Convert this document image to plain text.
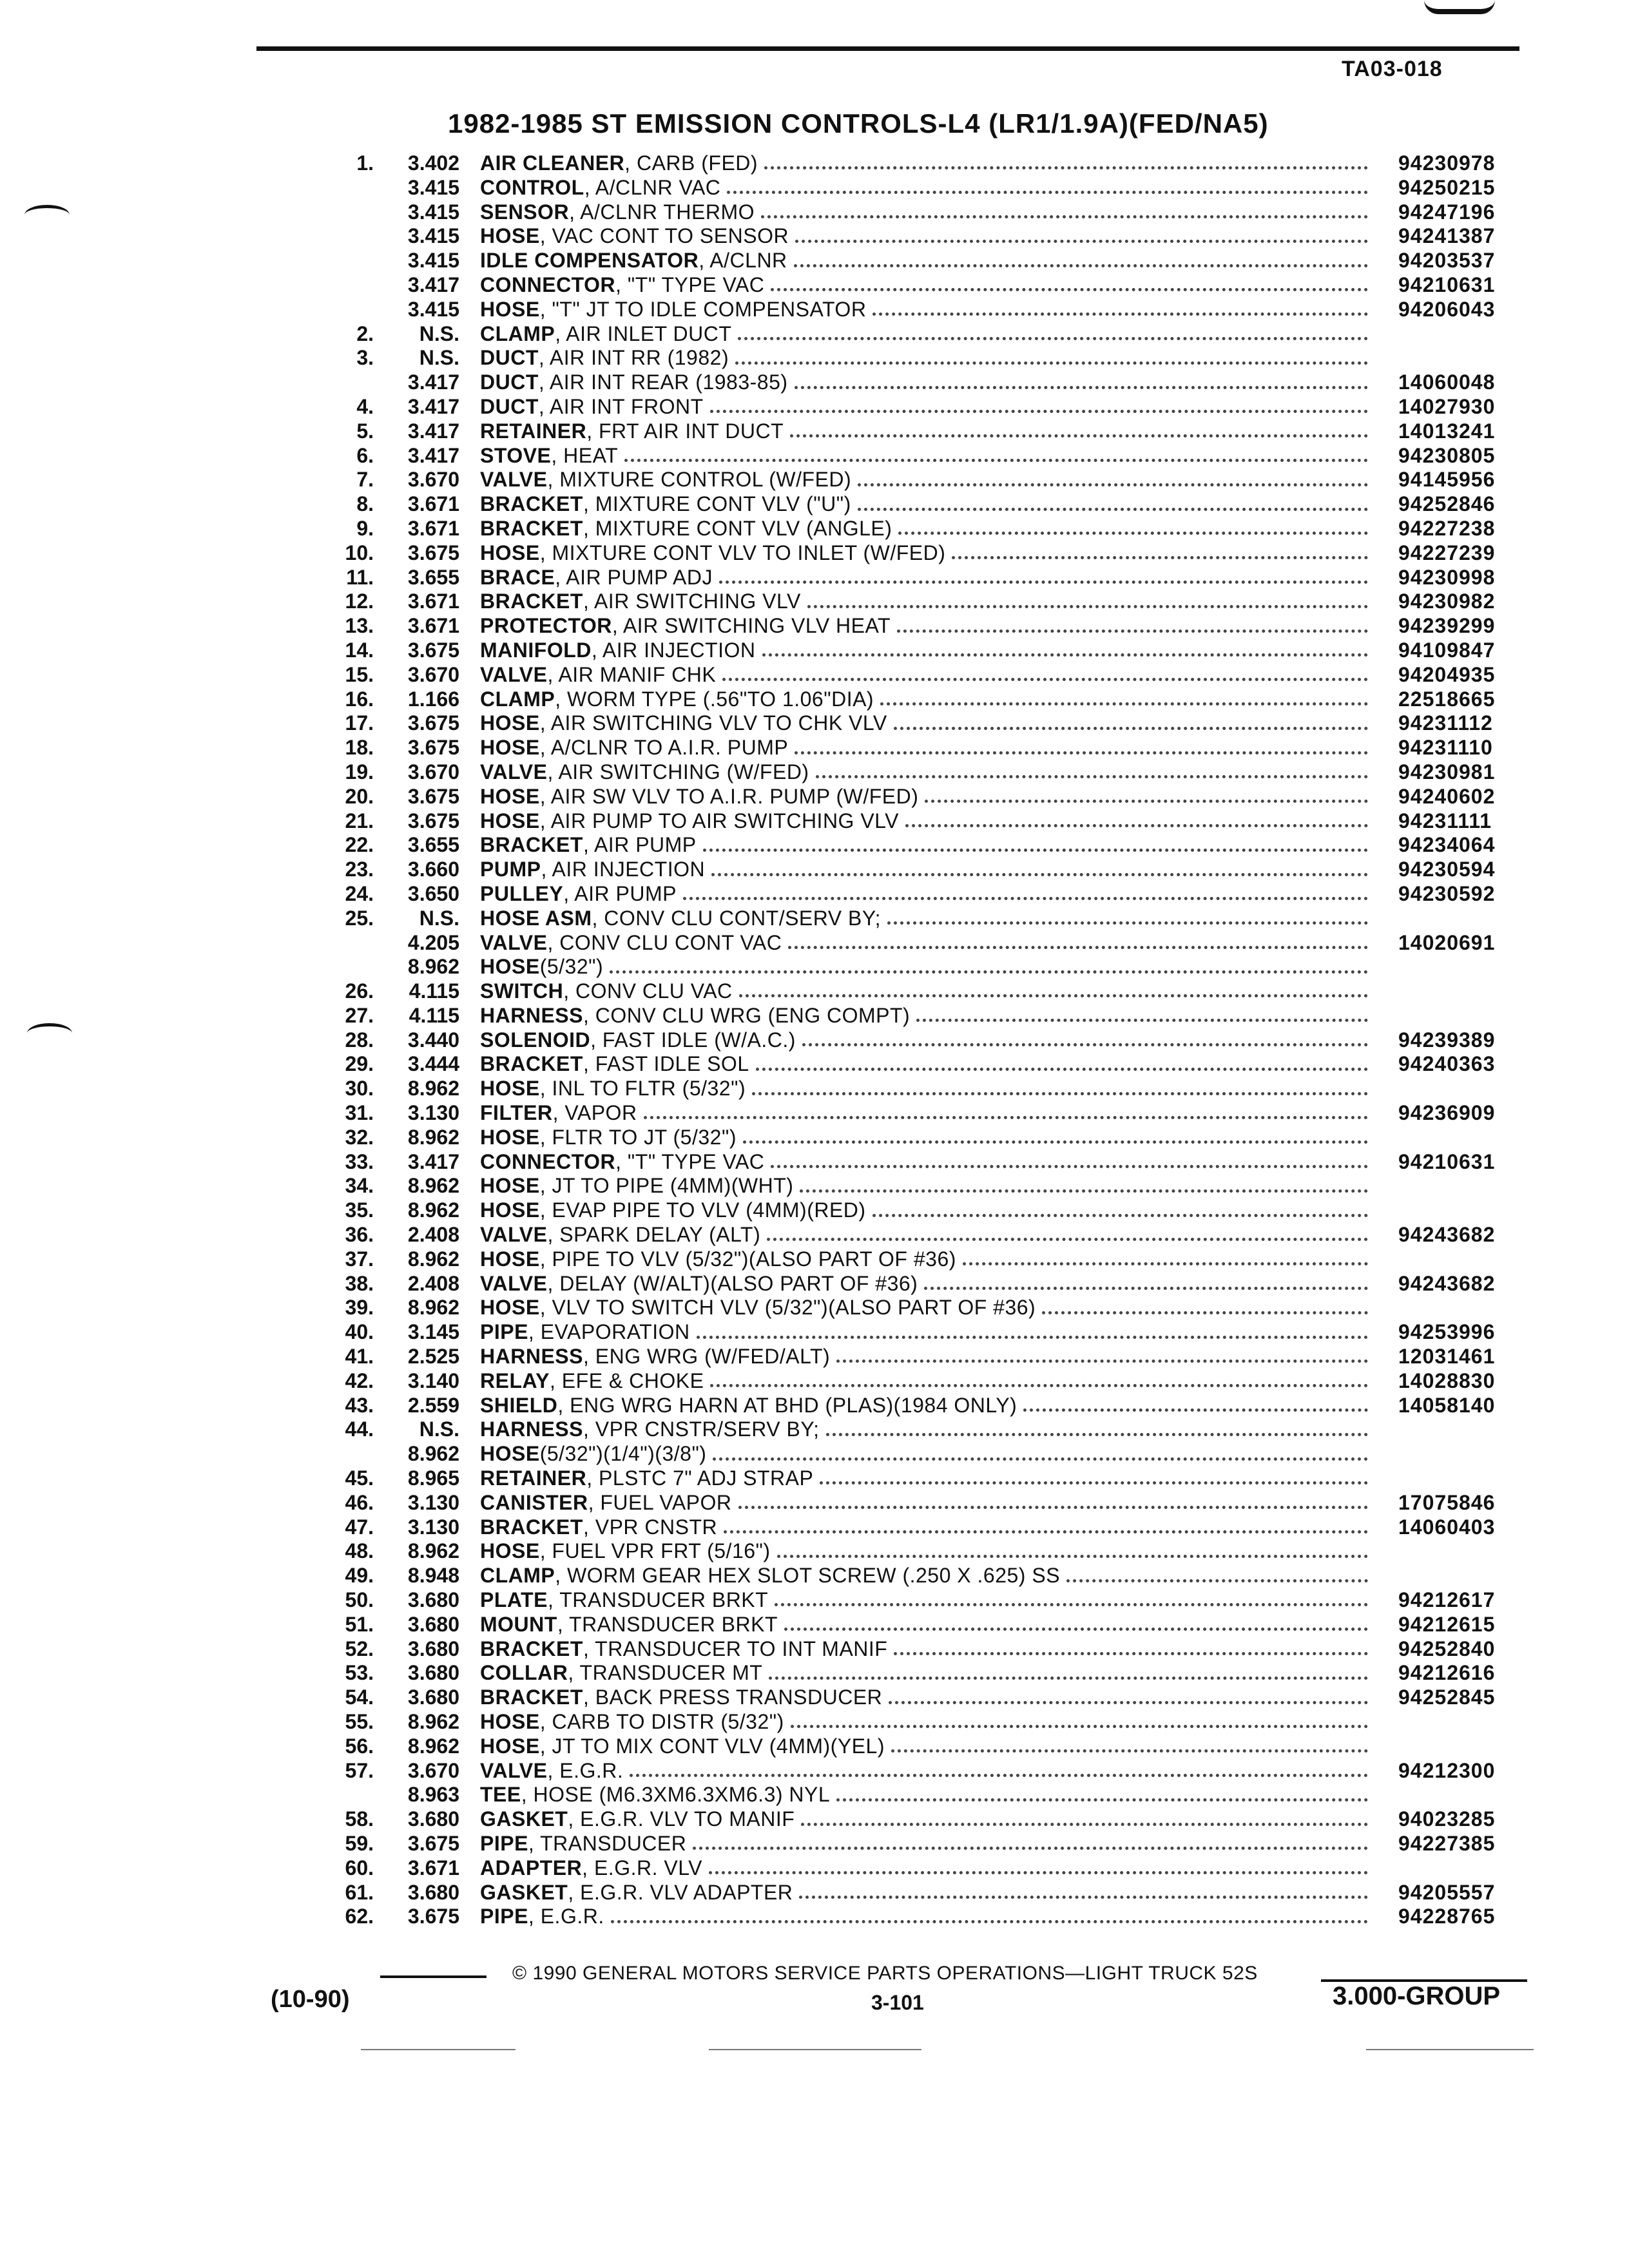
TA03-018
1982-1985 ST EMISSION CONTROLS-L4 (LR1/1.9A)(FED/NA5)
1.	3.402 AIR CLEANER , CARB (FED)	94230978
3.415 CONTROL , A/CLNR VAC	94250215
3.415 SENSOR , A/CLNR THERMO	94247196
3.415 HOSE , VAC CONT TO SENSOR	94241387
3.415 IDLE COMPENSATOR , A/CLNR	94203537
3.417 CONNECTOR , "T" TYPE VAC	94210631
3.415 HOSE , "T" JT TO IDLE COMPENSATOR	94206043
2.	N.S. CLAMP , AIR INLET DUCT
3.	N.S. DUCT , AIR INT RR (1982)
3.417 DUCT , AIR INT REAR (1983-85)	14060048
4.	3.417 DUCT , AIR INT FRONT	14027930
5.	3.417 RETAINER , FRT AIR INT DUCT	14013241
6.	3.417 STOVE , HEAT	94230805
7.	3.670 VALVE , MIXTURE CONTROL (W/FED)	94145956
8.	3.671 BRACKET , MIXTURE CONT VLV ("U")	94252846
9.	3.671 BRACKET , MIXTURE CONT VLV (ANGLE)	94227238
10.	3.675 HOSE , MIXTURE CONT VLV TO INLET (W/FED)	94227239
11.	3.655 BRACE , AIR PUMP ADJ	94230998
12.	3.671 BRACKET , AIR SWITCHING VLV	94230982
13.	3.671 PROTECTOR , AIR SWITCHING VLV HEAT	94239299
14.	3.675 MANIFOLD , AIR INJECTION	94109847
15.	3.670 VALVE , AIR MANIF CHK	94204935
16.	1.166 CLAMP , WORM TYPE (.56"TO 1.06"DIA)	22518665
17.	3.675 HOSE , AIR SWITCHING VLV TO CHK VLV	94231112
18.	3.675 HOSE , A/CLNR TO A.I.R. PUMP	94231110
19.	3.670 VALVE , AIR SWITCHING (W/FED)	94230981
20.	3.675 HOSE , AIR SW VLV TO A.I.R. PUMP (W/FED)	94240602
21.	3.675 HOSE , AIR PUMP TO AIR SWITCHING VLV	94231111
22.	3.655 BRACKET , AIR PUMP	94234064
23.	3.660 PUMP , AIR INJECTION	94230594
24.	3.650 PULLEY , AIR PUMP	94230592
25.	N.S. HOSE ASM , CONV CLU CONT/SERV BY;
4.205 VALVE , CONV CLU CONT VAC	14020691
8.962 HOSE (5/32")
26.	4.115 SWITCH , CONV CLU VAC
27.	4.115 HARNESS , CONV CLU WRG (ENG COMPT)
28.	3.440 SOLENOID , FAST IDLE (W/A.C.)	94239389
29.	3.444 BRACKET , FAST IDLE SOL	94240363
30.	8.962 HOSE , INL TO FLTR (5/32")
31.	3.130 FILTER , VAPOR	94236909
32.	8.962 HOSE , FLTR TO JT (5/32")
33.	3.417 CONNECTOR , "T" TYPE VAC	94210631
34.	8.962 HOSE , JT TO PIPE (4MM)(WHT)
35.	8.962 HOSE , EVAP PIPE TO VLV (4MM)(RED)
36.	2.408 VALVE , SPARK DELAY (ALT)	94243682
37.	8.962 HOSE , PIPE TO VLV (5/32")(ALSO PART OF #36)
38.	2.408 VALVE , DELAY (W/ALT)(ALSO PART OF #36)	94243682
39.	8.962 HOSE , VLV TO SWITCH VLV (5/32")(ALSO PART OF #36)
40.	3.145 PIPE , EVAPORATION	94253996
41.	2.525 HARNESS , ENG WRG (W/FED/ALT)	12031461
42.	3.140 RELAY , EFE & CHOKE	14028830
43.	2.559 SHIELD , ENG WRG HARN AT BHD (PLAS)(1984 ONLY)	14058140
44.	N.S. HARNESS , VPR CNSTR/SERV BY;
8.962 HOSE (5/32")(1/4")(3/8")
45.	8.965 RETAINER , PLSTC 7" ADJ STRAP
46.	3.130 CANISTER , FUEL VAPOR	17075846
47.	3.130 BRACKET , VPR CNSTR	14060403
48.	8.962 HOSE , FUEL VPR FRT (5/16")
49.	8.948 CLAMP , WORM GEAR HEX SLOT SCREW (.250 X .625) SS
50.	3.680 PLATE , TRANSDUCER BRKT	94212617
51.	3.680 MOUNT , TRANSDUCER BRKT	94212615
52.	3.680 BRACKET , TRANSDUCER TO INT MANIF	94252840
53.	3.680 COLLAR , TRANSDUCER MT	94212616
54.	3.680 BRACKET , BACK PRESS TRANSDUCER	94252845
55.	8.962 HOSE , CARB TO DISTR (5/32")
56.	8.962 HOSE , JT TO MIX CONT VLV (4MM)(YEL)
57.	3.670 VALVE , E.G.R.	94212300
8.963 TEE , HOSE (M6.3XM6.3XM6.3) NYL
58.	3.680 GASKET , E.G.R. VLV TO MANIF	94023285
59.	3.675 PIPE , TRANSDUCER	94227385
60.	3.671 ADAPTER , E.G.R. VLV
61.	3.680 GASKET , E.G.R. VLV ADAPTER	94205557
62.	3.675 PIPE , E.G.R.	94228765
© 1990 GENERAL MOTORS SERVICE PARTS OPERATIONS—LIGHT TRUCK 52S
(10-90)	3-101	3.000-GROUP
